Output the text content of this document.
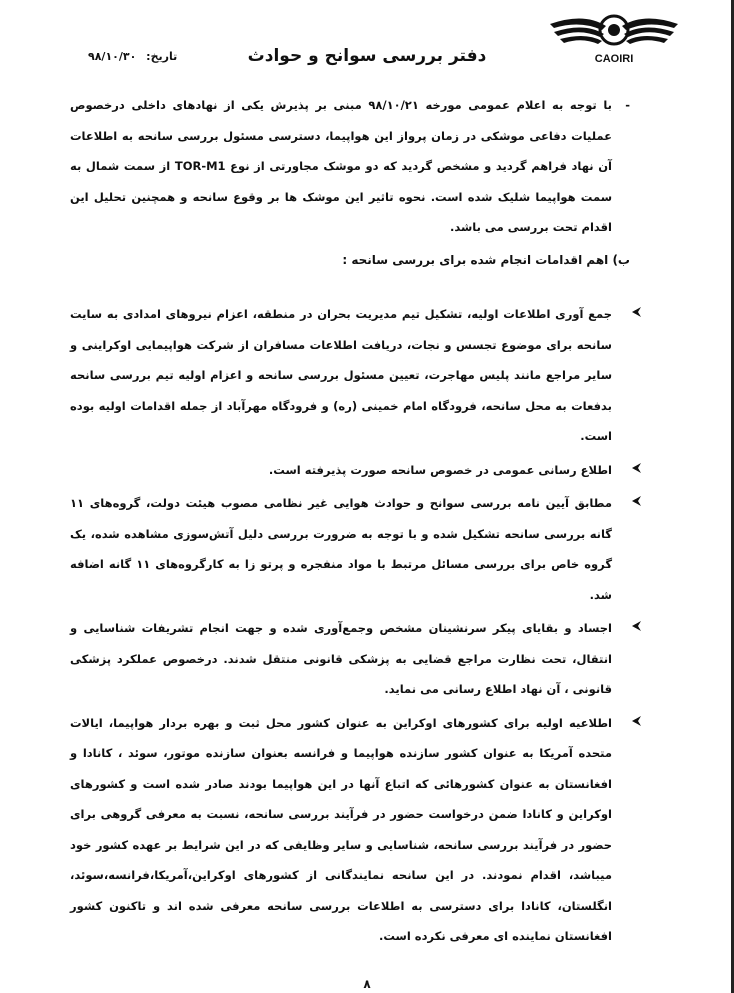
CAOIRI
دفتر بررسی سوانح و حوادث
تاریخ: ۹۸/۱۰/۳۰

-
با توجه به اعلام عمومی مورخه ۹۸/۱۰/۲۱ مبنی بر پذیرش یکی از نهادهای داخلی درخصوص عملیات دفاعی موشکی در زمان پرواز این هواپیما، دسترسی مسئول بررسی سانحه به اطلاعات آن نهاد فراهم گردید و مشخص گردید که دو موشک مجاورتی از نوع TOR-M1 از سمت شمال به سمت هواپیما شلیک شده است. نحوه تاثیر این موشک ها بر وقوع سانحه و همچنین تحلیل این اقدام تحت بررسی می باشد.

ب) اهم اقدامات انجام شده برای بررسی سانحه :
جمع آوری اطلاعات اولیه، تشکیل تیم مدیریت بحران در منطقه، اعزام نیروهای امدادی به سایت سانحه برای موضوع تجسس و نجات، دریافت اطلاعات مسافران از شرکت هواپیمایی اوکراینی و سایر مراجع مانند پلیس مهاجرت، تعیین مسئول بررسی سانحه و اعزام اولیه تیم بررسی سانحه بدفعات به محل سانحه، فرودگاه امام خمینی (ره) و فرودگاه مهرآباد از جمله اقدامات اولیه بوده است.
اطلاع رسانی عمومی در خصوص سانحه صورت پذیرفته است.
مطابق آیین نامه بررسی سوانح و حوادث هوایی غیر نظامی مصوب هیئت دولت، گروه‌های ۱۱ گانه بررسی سانحه تشکیل شده و با توجه به ضرورت بررسی دلیل آتش‌سوزی مشاهده شده، یک گروه خاص برای بررسی مسائل مرتبط با مواد منفجره و پرتو زا به کارگروه‌های ۱۱ گانه اضافه شد.
اجساد و بقایای پیکر سرنشینان مشخص وجمع‌آوری شده و جهت انجام تشریفات شناسایی و انتقال، تحت نظارت مراجع قضایی به پزشکی قانونی منتقل شدند. درخصوص عملکرد پزشکی قانونی ، آن نهاد اطلاع رسانی می نماید.
اطلاعیه اولیه برای کشورهای اوکراین به عنوان کشور محل ثبت و بهره بردار هواپیما، ایالات متحده آمریکا به عنوان کشور سازنده هواپیما و فرانسه بعنوان سازنده موتور، سوئد ، کانادا و افغانستان به عنوان کشورهائی که اتباع آنها در این هواپیما بودند صادر شده است و کشورهای اوکراین و کانادا ضمن درخواست حضور در فرآیند بررسی سانحه، نسبت به معرفی گروهی برای حضور در فرآیند بررسی سانحه، شناسایی و سایر وظایفی که در این شرایط بر عهده کشور خود میباشد، اقدام نمودند. در این سانحه نمایندگانی از کشورهای اوکراین،آمریکا،فرانسه،سوئد، انگلستان، کانادا برای دسترسی به اطلاعات بررسی سانحه معرفی شده اند و تاکنون کشور افغانستان نماینده ای معرفی نکرده است.
۸
